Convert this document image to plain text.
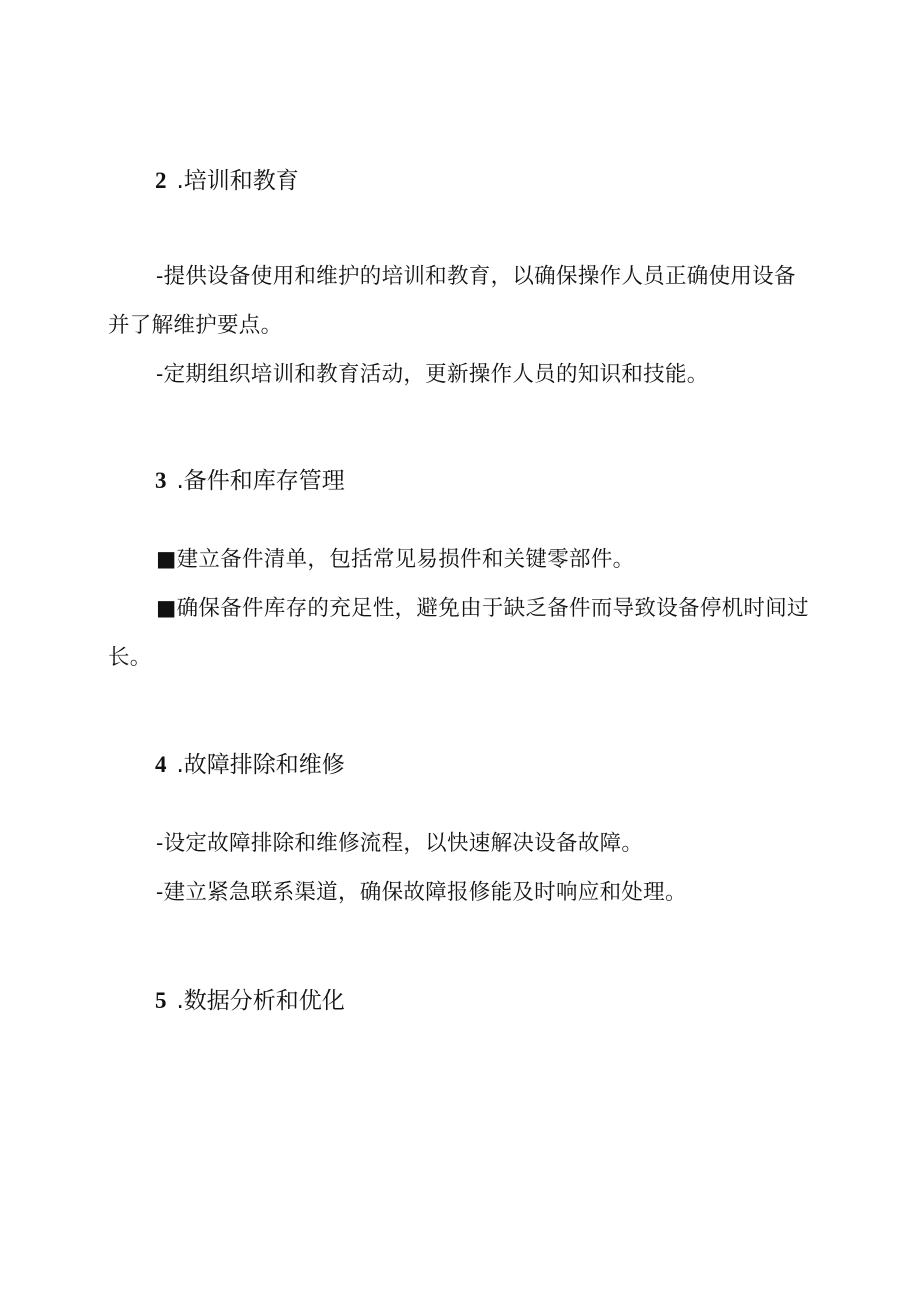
2 .培训和教育
-提供设备使用和维护的培训和教育，以确保操作人员正确使用设备并了解维护要点。
-定期组织培训和教育活动，更新操作人员的知识和技能。
3 .备件和库存管理
■建立备件清单，包括常见易损件和关键零部件。
■确保备件库存的充足性，避免由于缺乏备件而导致设备停机时间过长。
4 .故障排除和维修
-设定故障排除和维修流程，以快速解决设备故障。
-建立紧急联系渠道，确保故障报修能及时响应和处理。
5 .数据分析和优化
